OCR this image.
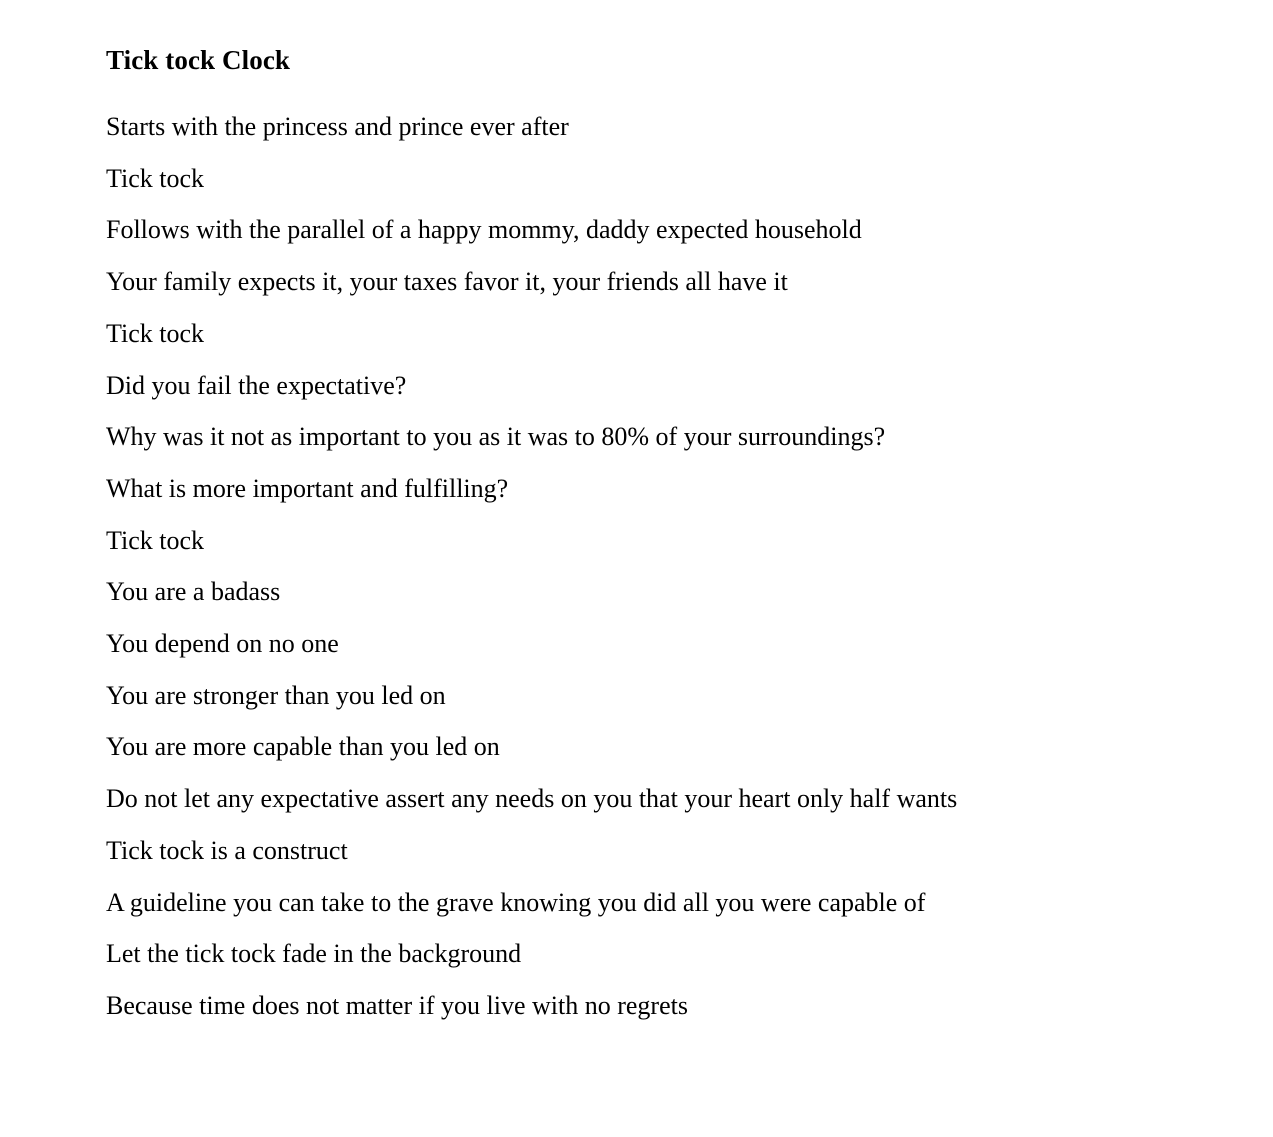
Tick tock Clock

Starts with the princess and prince ever after

Tick tock

Follows with the parallel of a happy mommy, daddy expected household

Your family expects it, your taxes favor it, your friends all have it

Tick tock

Did you fail the expectative?

Why was it not as important to you as it was to 80% of your surroundings?

What is more important and fulfilling?

Tick tock

You are a badass

You depend on no one

You are stronger than you led on

You are more capable than you led on

Do not let any expectative assert any needs on you that your heart only half wants

Tick tock is a construct

A guideline you can take to the grave knowing you did all you were capable of

Let the tick tock fade in the background

Because time does not matter if you live with no regrets
